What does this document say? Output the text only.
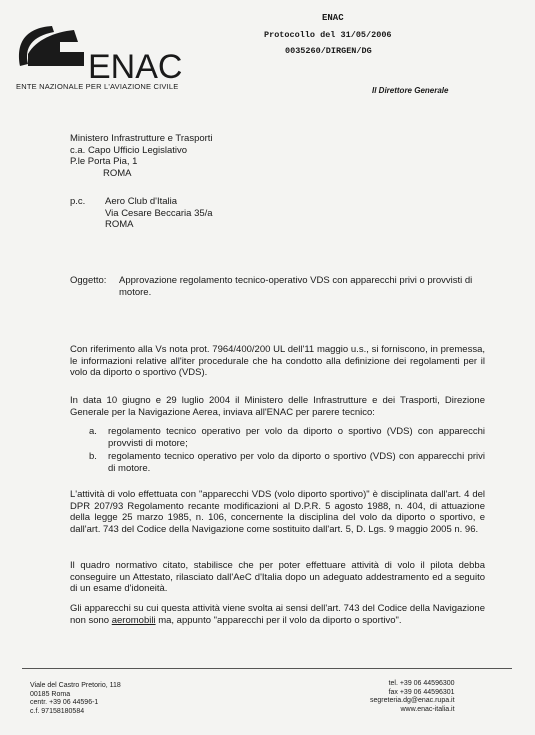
ENAC
ENTE NAZIONALE PER L'AVIAZIONE CIVILE
ENAC
Protocollo del 31/05/2006
0035260/DIRGEN/DG
Il Direttore Generale
Ministero Infrastrutture e Trasporti
c.a. Capo Ufficio Legislativo
P.le Porta Pia, 1
ROMA
p.c. Aero Club d'Italia
Via Cesare Beccaria 35/a
ROMA
Oggetto: Approvazione regolamento tecnico-operativo VDS con apparecchi privi o provvisti di motore.
Con riferimento alla Vs nota prot. 7964/400/200 UL dell'11 maggio u.s., si forniscono, in premessa, le informazioni relative all'iter procedurale che ha condotto alla definizione dei regolamenti per il volo da diporto o sportivo (VDS).
In data 10 giugno e 29 luglio 2004 il Ministero delle Infrastrutture e dei Trasporti, Direzione Generale per la Navigazione Aerea, inviava all'ENAC per parere tecnico:
a. regolamento tecnico operativo per volo da diporto o sportivo (VDS) con apparecchi provvisti di motore;
b. regolamento tecnico operativo per volo da diporto o sportivo (VDS) con apparecchi privi di motore.
L'attività di volo effettuata con "apparecchi VDS (volo diporto sportivo)" è disciplinata dall'art. 4 del DPR 207/93 Regolamento recante modificazioni al D.P.R. 5 agosto 1988, n. 404, di attuazione della legge 25 marzo 1985, n. 106, concernente la disciplina del volo da diporto o sportivo, e dall'art. 743 del Codice della Navigazione come sostituito dall'art. 5, D. Lgs. 9 maggio 2005 n. 96.
Il quadro normativo citato, stabilisce che per poter effettuare attività di volo il pilota debba conseguire un Attestato, rilasciato dall'AeC d'Italia dopo un adeguato addestramento ed a seguito di un esame d'idoneità.
Gli apparecchi su cui questa attività viene svolta ai sensi dell'art. 743 del Codice della Navigazione non sono aeromobili ma, appunto "apparecchi per il volo da diporto o sportivo".
Viale del Castro Pretorio, 118
00185 Roma
centr. +39 06 44596-1
c.f. 97158180584
tel. +39 06 44596300
fax +39 06 44596301
segreteria.dg@enac.rupa.it
www.enac-italia.it
